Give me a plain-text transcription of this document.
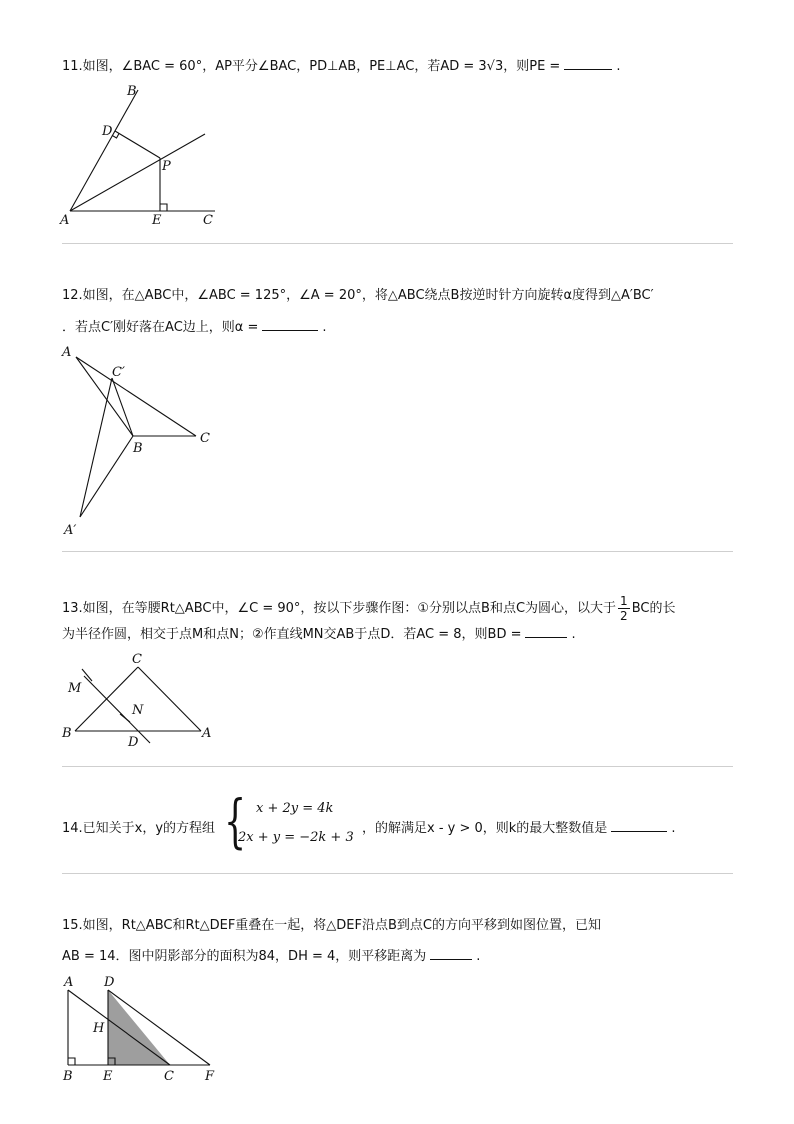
11.如图，∠BAC = 60°，AP平分∠BAC，PD⊥AB，PE⊥AC，若AD = 3√3，则PE =	.
A
B
C
D
E
P
12.如图，在△ABC中，∠ABC = 125°，∠A = 20°，将△ABC绕点B按逆时针方向旋转α度得到△A′BC′
．若点C′刚好落在AC边上，则α =	.
A
C′
B
C
A′
13.如图，在等腰Rt△ABC中，∠C = 90°，按以下步骤作图：①分别以点B和点C为圆心，以大于 $\frac{1}{2}$ BC的长
为半径作圆，相交于点M和点N；②作直线MN交AB于点D．若AC = 8，则BD =	.
C
M
N
B
D
A
14.已知关于x，y的方程组 { x + 2y = 4k
2x + y = −2k + 3
，的解满足x - y > 0，则k的最大整数值是	.
15.如图，Rt△ABC和Rt△DEF重叠在一起，将△DEF沿点B到点C的方向平移到如图位置，已知
AB = 14．图中阴影部分的面积为84，DH = 4，则平移距离为	.
A D
H
B E	C F
